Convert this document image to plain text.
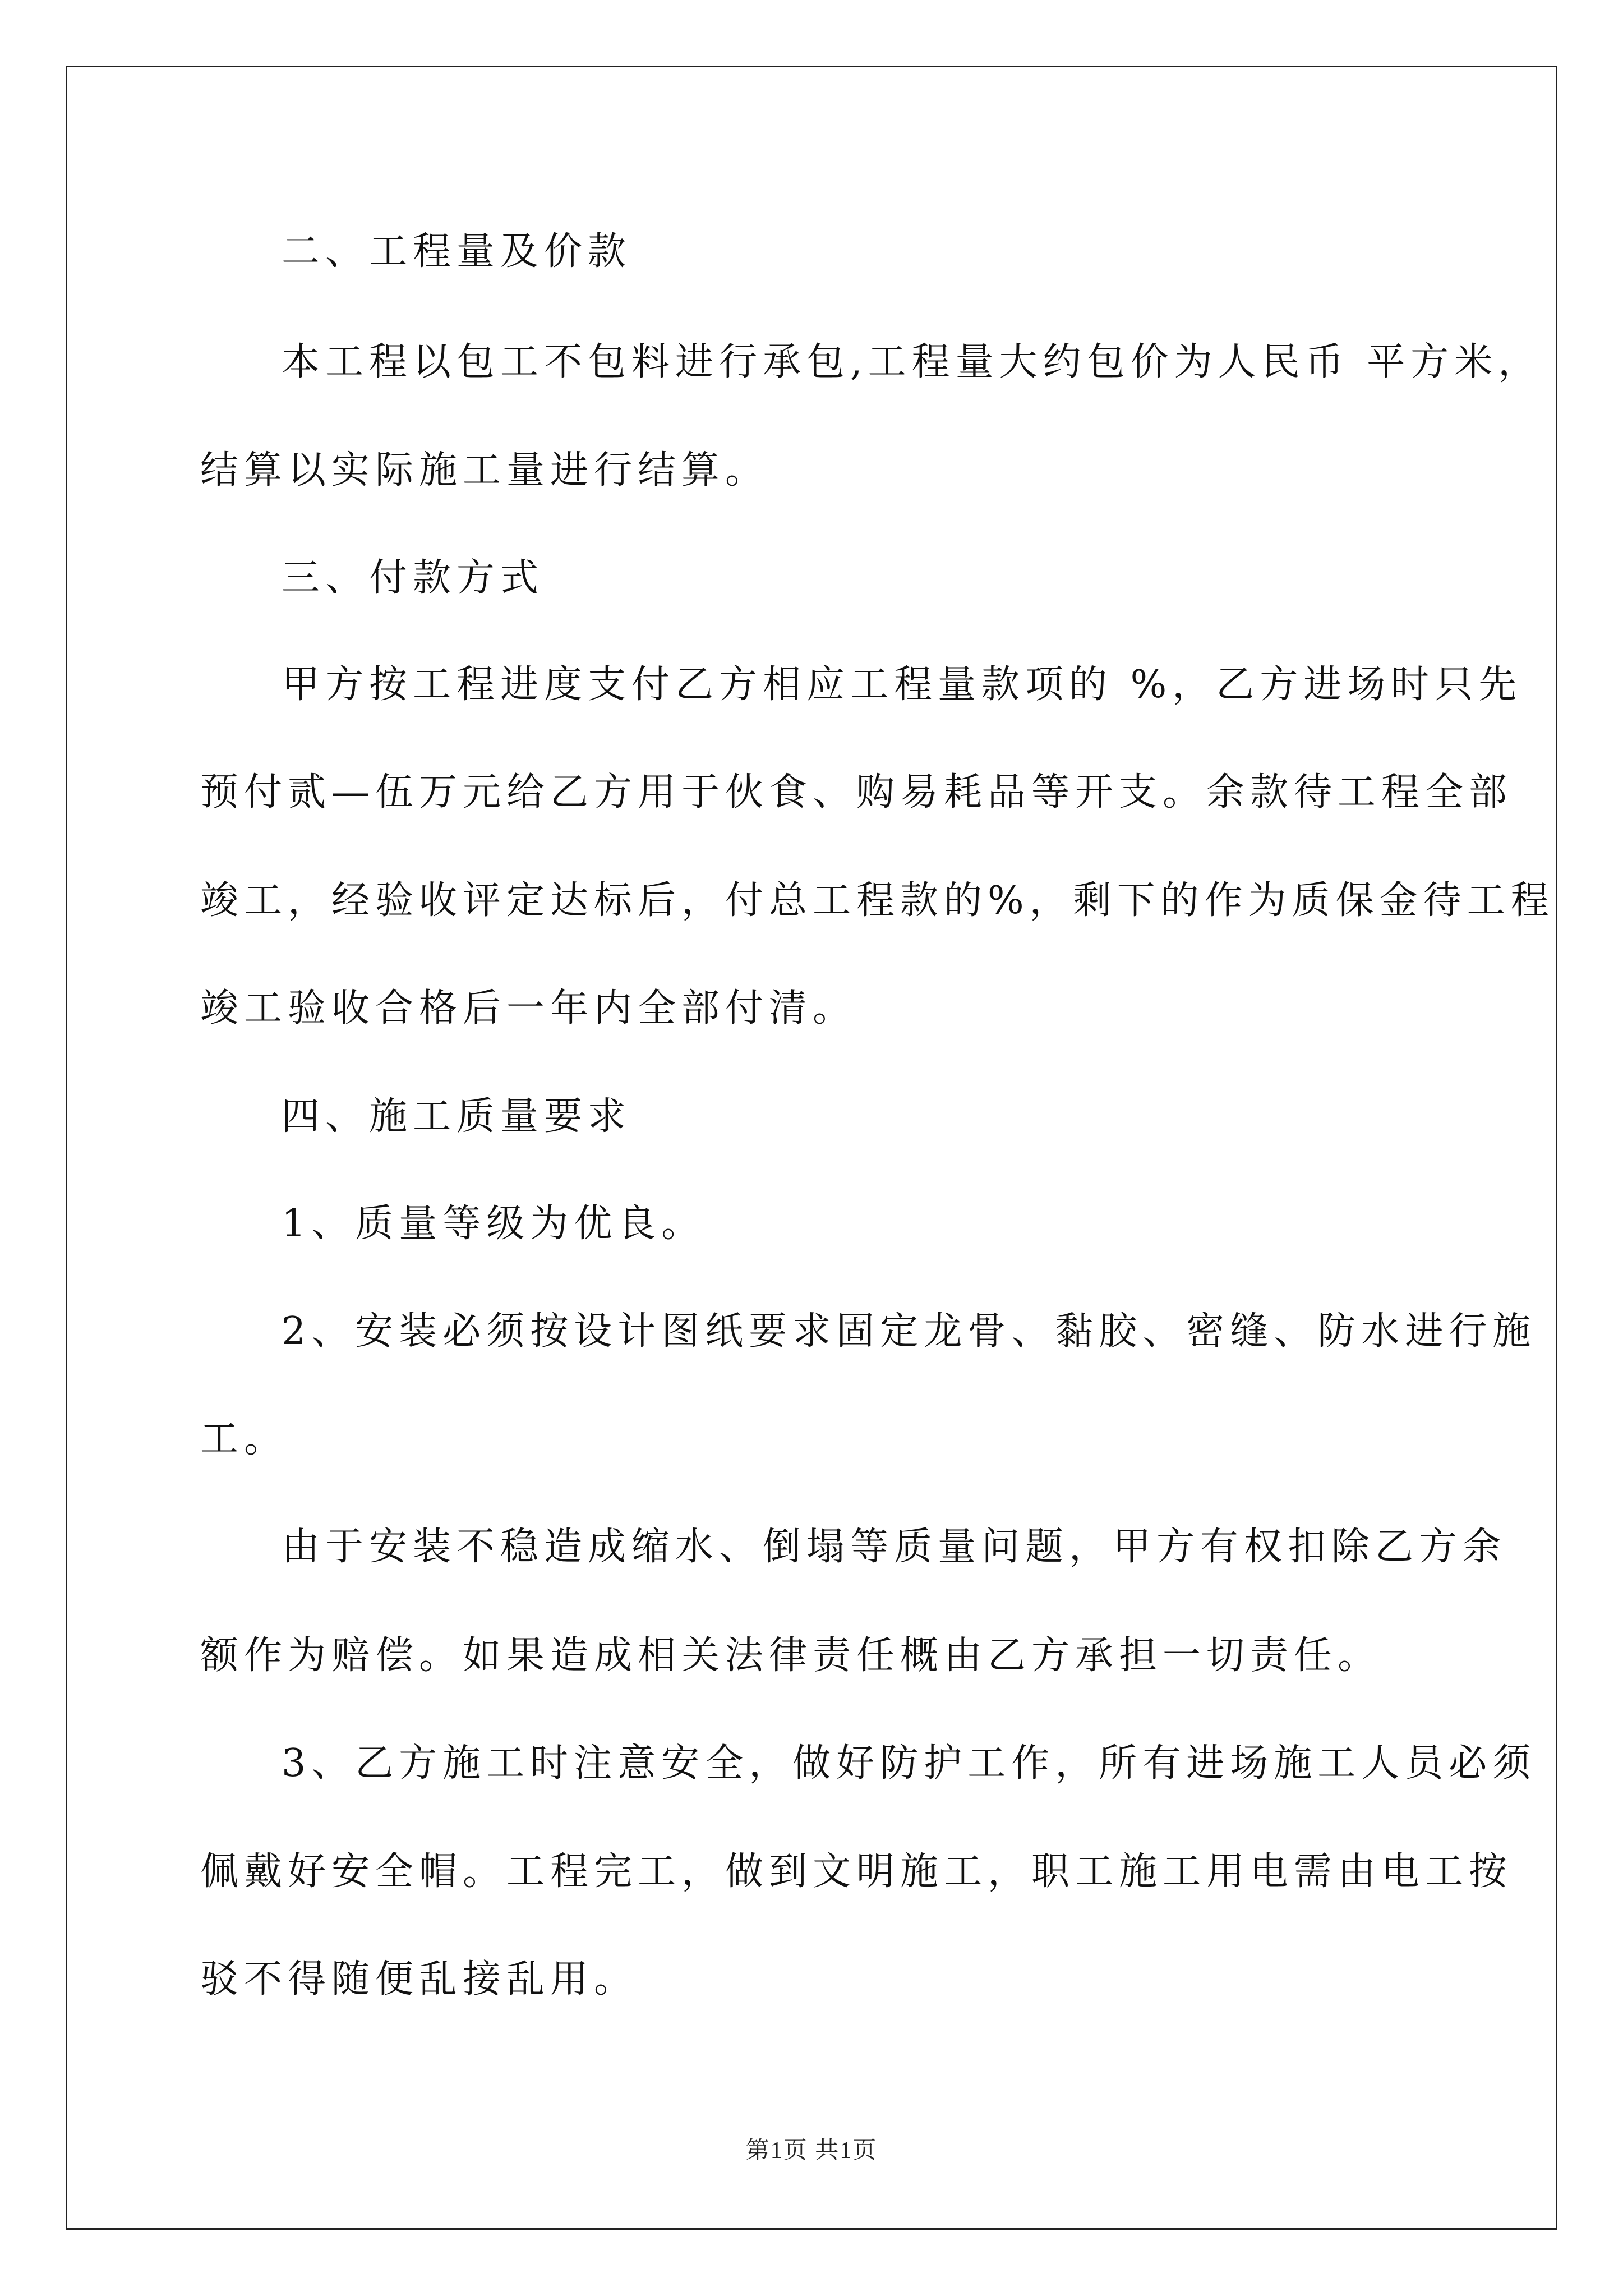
二、工程量及价款
本工程以包工不包料进行承包,工程量大约包价为人民币 平方米，
结算以实际施工量进行结算。
三、付款方式
甲方按工程进度支付乙方相应工程量款项的 %，乙方进场时只先
预付贰—伍万元给乙方用于伙食、购易耗品等开支。余款待工程全部
竣工，经验收评定达标后，付总工程款的%，剩下的作为质保金待工程
竣工验收合格后一年内全部付清。
四、施工质量要求
1、质量等级为优良。
2、安装必须按设计图纸要求固定龙骨、黏胶、密缝、防水进行施
工。
由于安装不稳造成缩水、倒塌等质量问题，甲方有权扣除乙方余
额作为赔偿。如果造成相关法律责任概由乙方承担一切责任。
3、乙方施工时注意安全，做好防护工作，所有进场施工人员必须
佩戴好安全帽。工程完工，做到文明施工，职工施工用电需由电工按
驳不得随便乱接乱用。
第1页 共1页
